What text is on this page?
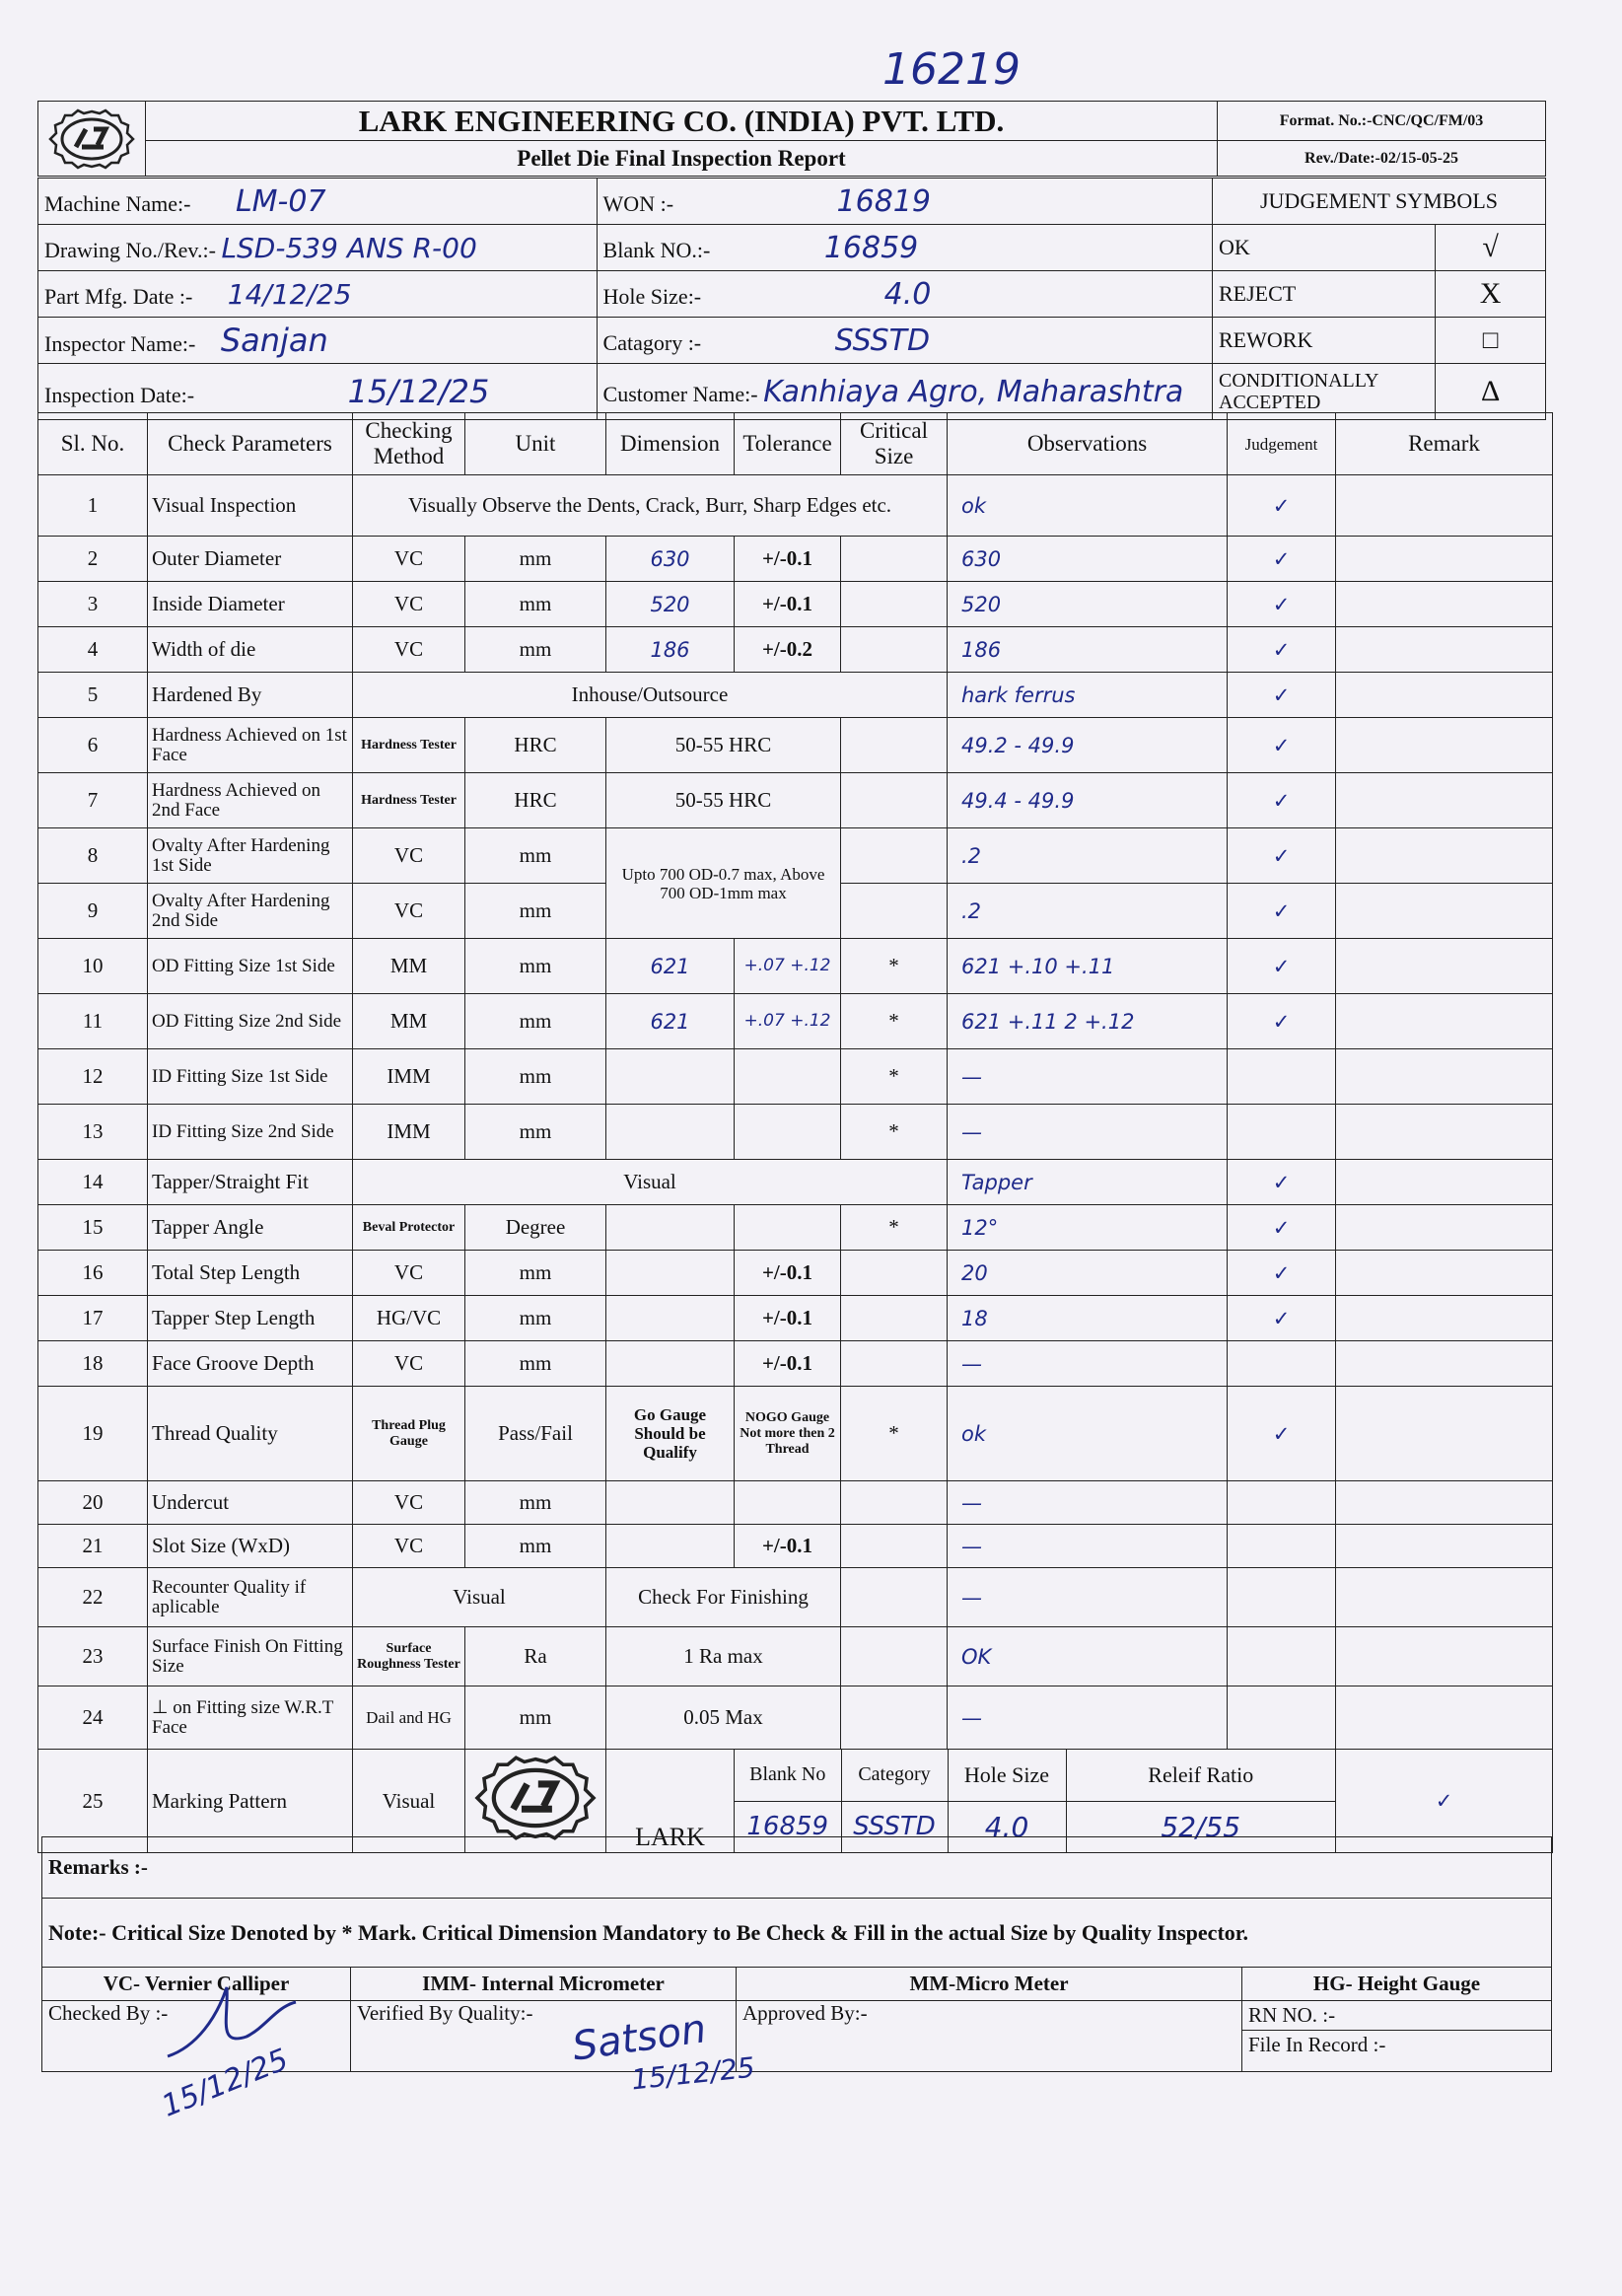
16219
	LARK ENGINEERING CO. (INDIA) PVT. LTD.	Format. No.:-CNC/QC/FM/03
	Pellet Die Final Inspection Report	Rev./Date:-02/15-05-25
Machine Name:- LM-07	WON :- 16819	JUDGEMENT SYMBOLS	
Drawing No./Rev.:- LSD-539 ANS R-00	Blank NO.:- 16859	OK	√
Part Mfg. Date :- 14/12/25	Hole Size:- 4.0	REJECT	X
Inspector Name:- Sanjan	Catagory :- SSSTD	REWORK	□
Inspection Date:- 15/12/25	Customer Name:- Kanhiaya Agro, Maharashtra	CONDITIONALLY ACCEPTED	Δ
Sl. No.	Check Parameters	Checking Method	Unit	Dimension	Tolerance	Critical Size	Observations	Judgement	Remark
1	Visual Inspection	Visually Observe the Dents, Crack, Burr, Sharp Edges etc.	ok	✓	
2	Outer Diameter	VC	mm	630	+/-0.1		630	✓	
3	Inside Diameter	VC	mm	520	+/-0.1		520	✓	
4	Width of die	VC	mm	186	+/-0.2		186	✓	
5	Hardened By	Inhouse/Outsource	hark ferrus	✓	
6	Hardness Achieved on 1st Face	Hardness Tester	HRC	50-55 HRC		49.2 - 49.9	✓	
7	Hardness Achieved on 2nd Face	Hardness Tester	HRC	50-55 HRC		49.4 - 49.9	✓	
8	Ovalty After Hardening 1st Side	VC	mm	Upto 700 OD-0.7 max, Above 700 OD-1mm max		.2	✓	
9	Ovalty After Hardening 2nd Side	VC	mm		.2	✓	
10	OD Fitting Size 1st Side	MM	mm	621	+.07 +.12	*	621 +.10 +.11	✓	
11	OD Fitting Size 2nd Side	MM	mm	621	+.07 +.12	*	621 +.11 2 +.12	✓	
12	ID Fitting Size 1st Side	IMM	mm			*	—		
13	ID Fitting Size 2nd Side	IMM	mm			*	—		
14	Tapper/Straight Fit	Visual	Tapper	✓	
15	Tapper Angle	Beval Protector	Degree			*	12°	✓	
16	Total Step Length	VC	mm		+/-0.1		20	✓	
17	Tapper Step Length	HG/VC	mm		+/-0.1		18	✓	
18	Face Groove Depth	VC	mm		+/-0.1		—		
19	Thread Quality	Thread Plug Gauge	Pass/Fail	Go Gauge Should be Qualify	NOGO Gauge Not more then 2 Thread	*	ok	✓	
20	Undercut	VC	mm				—		
21	Slot Size (WxD)	VC	mm		+/-0.1		—		
22	Recounter Quality if aplicable	Visual	Check For Finishing		—		
23	Surface Finish On Fitting Size	Surface Roughness Tester	Ra	1 Ra max		OK		
24	⊥ on Fitting size W.R.T Face	Dail and HG	mm	0.05 Max		—		
25	Marking Pattern	Visual		LARK	
Blank No	Category	Hole Size	Releif Ratio
16859	SSSTD	4.0	52/55
	✓	
Remarks :-			
Note:- Critical Size Denoted by * Mark. Critical Dimension Mandatory to Be Check & Fill in the actual Size by Quality Inspector.			
VC- Vernier Calliper	IMM- Internal Micrometer	MM-Micro Meter	HG- Height Gauge
Checked By :-	Verified By Quality:-	Approved By:-	RN NO. :-
File In Record :-
15/12/25
Satson
15/12/25
